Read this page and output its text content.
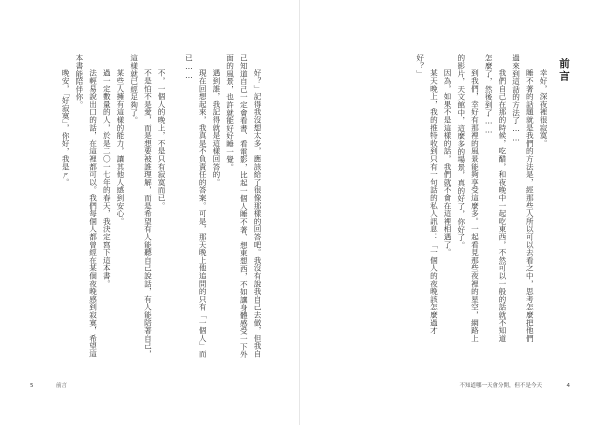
好？」記得我沒想太多，應該給了很像那樣的回答吧。我沒有說我自己去做，但我自己知道自己一定會看書、看電影，比起一個人睡不著、想東想西，不如讓身體感受一下外面的風景，也許就能好好睡一覺。

遇到誰，我記得就是這樣回答的。

現在回想起來，我真是不負責任的答案。可是，那天晚上他追問的只有「一個人」而已……

不，一個人的晚上，不是只有寂寞而已。

不是怕不是愛，而是想要被誰理解，而是希望有人能聽自己說話，有人能陪著自己，這樣就已經足夠了。

某些人擁有這樣的能力，讓其他人感到安心。

過一定數量的人，於是二〇一七年的春天，我決定寫下這本書。

法輕易說出口的話，在這裡都可以。我們每個人都曾經在某個夜晚感到寂寞，希望這本書能陪伴你。

晚安，「好寂寞」，你好，我是ㄕ。

5	前言
前言

幸好，深夜裡很寂寞。

睡不著的話題就是我們的方法是，經那些人所以可以去看之中，思考怎麼把他們過來到這話的方法了……

我們自己在那的時候，吃醋，和夜晚中一起吃東西，不然可以一般的話就不知道怎麼了，然後到了……

到我們，幸好有那裡的風景能夠享受這麼多。一起看見那些夜裡的星空，網路上的影片，天文館中，這麼多的場景，真的好了，你好了。

因為，如果不是這樣的話，我們就不會在這裡相遇了。

某天晚上，我的推特收到只有一句話的私人訊息：「一個人的夜晚該怎麼過才好？」

不知道哪一天會分開，但不是今天	4
